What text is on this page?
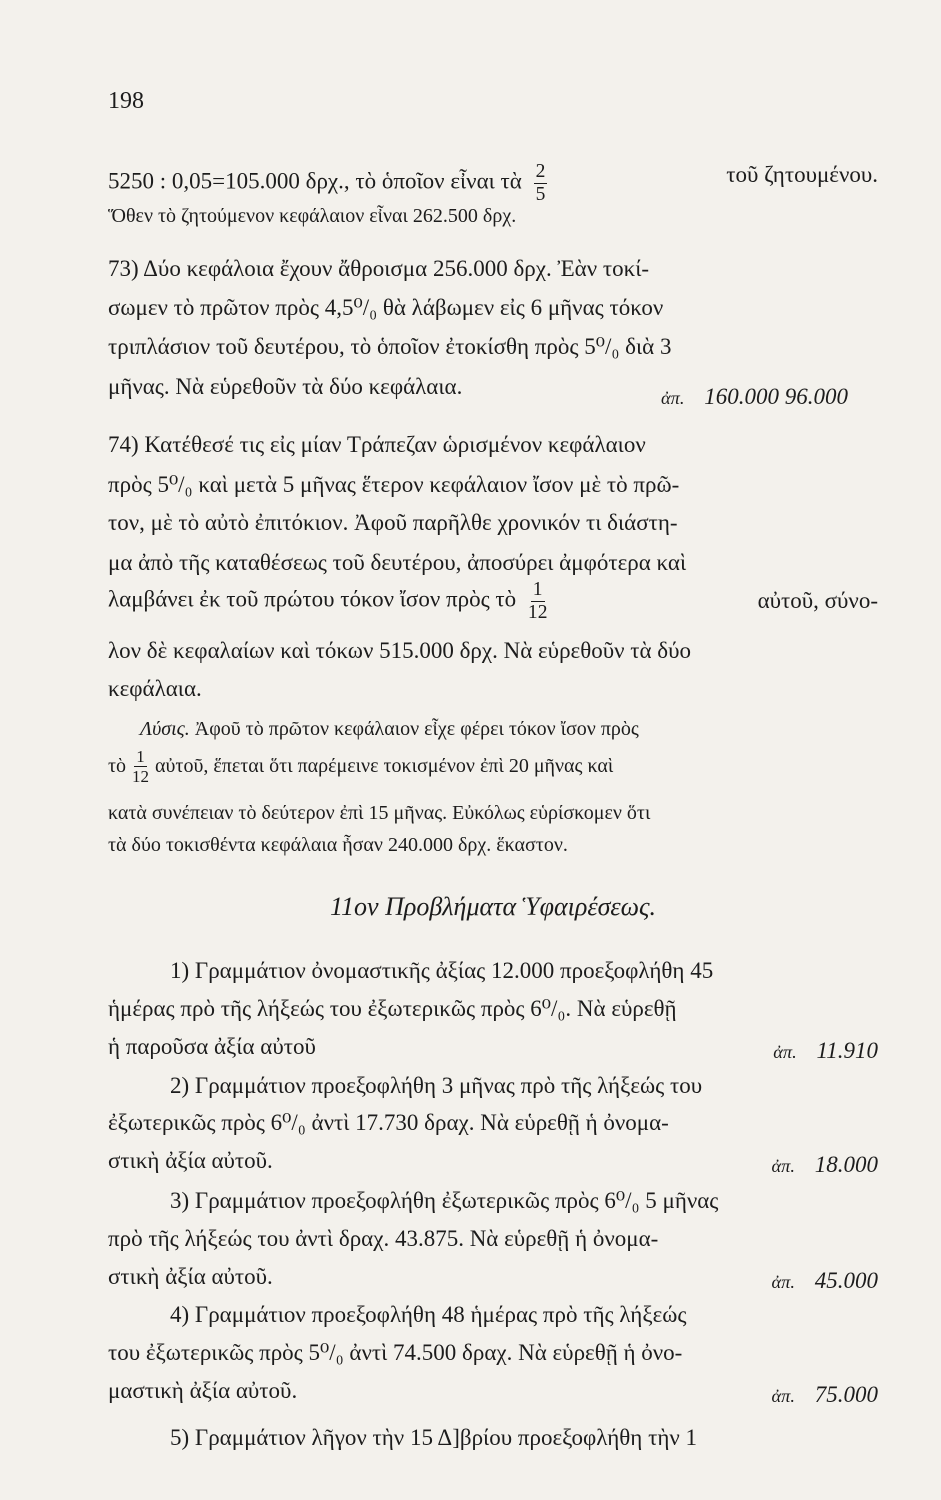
198
5250 : 0,05=105.000 δρχ., τὸ ὁποῖον εἶναι τὰ $\frac{2}{5}$	τοῦ ζητουμένου.
Ὅθεν τὸ ζητούμενον κεφάλαιον εἶναι 262.500 δρχ.
73) Δύο κεφάλοια ἔχουν ἄθροισμα 256.000 δρχ. Ἐὰν τοκί-
σωμεν τὸ πρῶτον πρὸς 4,5⁰/₀ θὰ λάβωμεν εἰς 6 μῆνας τόκον
τριπλάσιον τοῦ δευτέρου, τὸ ὁποῖον ἐτοκίσθη πρὸς 5⁰/₀ διὰ 3
μῆνας. Νὰ εὑρεθοῦν τὰ δύο κεφάλαια.	ἀπ. 160.000 96.000
74) Κατέθεσέ τις εἰς μίαν Τράπεζαν ὡρισμένον κεφάλαιον
πρὸς 5⁰/₀ καὶ μετὰ 5 μῆνας ἕτερον κεφάλαιον ἴσον μὲ τὸ πρῶ-
τον, μὲ τὸ αὐτὸ ἐπιτόκιον. Ἀφοῦ παρῆλθε χρονικόν τι διάστη-
μα ἀπὸ τῆς καταθέσεως τοῦ δευτέρου, ἀποσύρει ἀμφότερα καὶ
λαμβάνει ἐκ τοῦ πρώτου τόκον ἴσον πρὸς τὸ $\frac{1}{12}$	αὐτοῦ, σύνο-
λον δὲ κεφαλαίων καὶ τόκων 515.000 δρχ. Νὰ εὑρεθοῦν τὰ δύο
κεφάλαια.
Λύσις. Ἀφοῦ τὸ πρῶτον κεφάλαιον εἶχε φέρει τόκον ἴσον πρὸς
τὸ $\frac{1}{12}$ αὐτοῦ, ἕπεται ὅτι παρέμεινε τοκισμένον ἐπὶ 20 μῆνας καὶ
κατὰ συνέπειαν τὸ δεύτερον ἐπὶ 15 μῆνας. Εὐκόλως εὑρίσκομεν ὅτι
τὰ δύο τοκισθέντα κεφάλαια ἦσαν 240.000 δρχ. ἕκαστον.
11ον Προβλήματα Ὑφαιρέσεως.
1) Γραμμάτιον ὀνομαστικῆς ἀξίας 12.000 προεξοφλήθη 45
ἡμέρας πρὸ τῆς λήξεώς του ἐξωτερικῶς πρὸς 6⁰/₀. Νὰ εὑρεθῇ
ἡ παροῦσα ἀξία αὐτοῦ	ἀπ. 11.910
2) Γραμμάτιον προεξοφλήθη 3 μῆνας πρὸ τῆς λήξεώς του
ἐξωτερικῶς πρὸς 6⁰/₀ ἀντὶ 17.730 δραχ. Νὰ εὑρεθῇ ἡ ὀνομα-
στικὴ ἀξία αὐτοῦ.	ἀπ. 18.000
3) Γραμμάτιον προεξοφλήθη ἐξωτερικῶς πρὸς 6⁰/₀ 5 μῆνας
πρὸ τῆς λήξεώς του ἀντὶ δραχ. 43.875. Νὰ εὑρεθῇ ἡ ὀνομα-
στικὴ ἀξία αὐτοῦ.	ἀπ. 45.000
4) Γραμμάτιον προεξοφλήθη 48 ἡμέρας πρὸ τῆς λήξεώς
του ἐξωτερικῶς πρὸς 5⁰/₀ ἀντὶ 74.500 δραχ. Νὰ εὑρεθῇ ἡ ὀνο-
μαστικὴ ἀξία αὐτοῦ.	ἀπ. 75.000
5) Γραμμάτιον λῆγον τὴν 15 Δ]βρίου προεξοφλήθη τὴν 1
